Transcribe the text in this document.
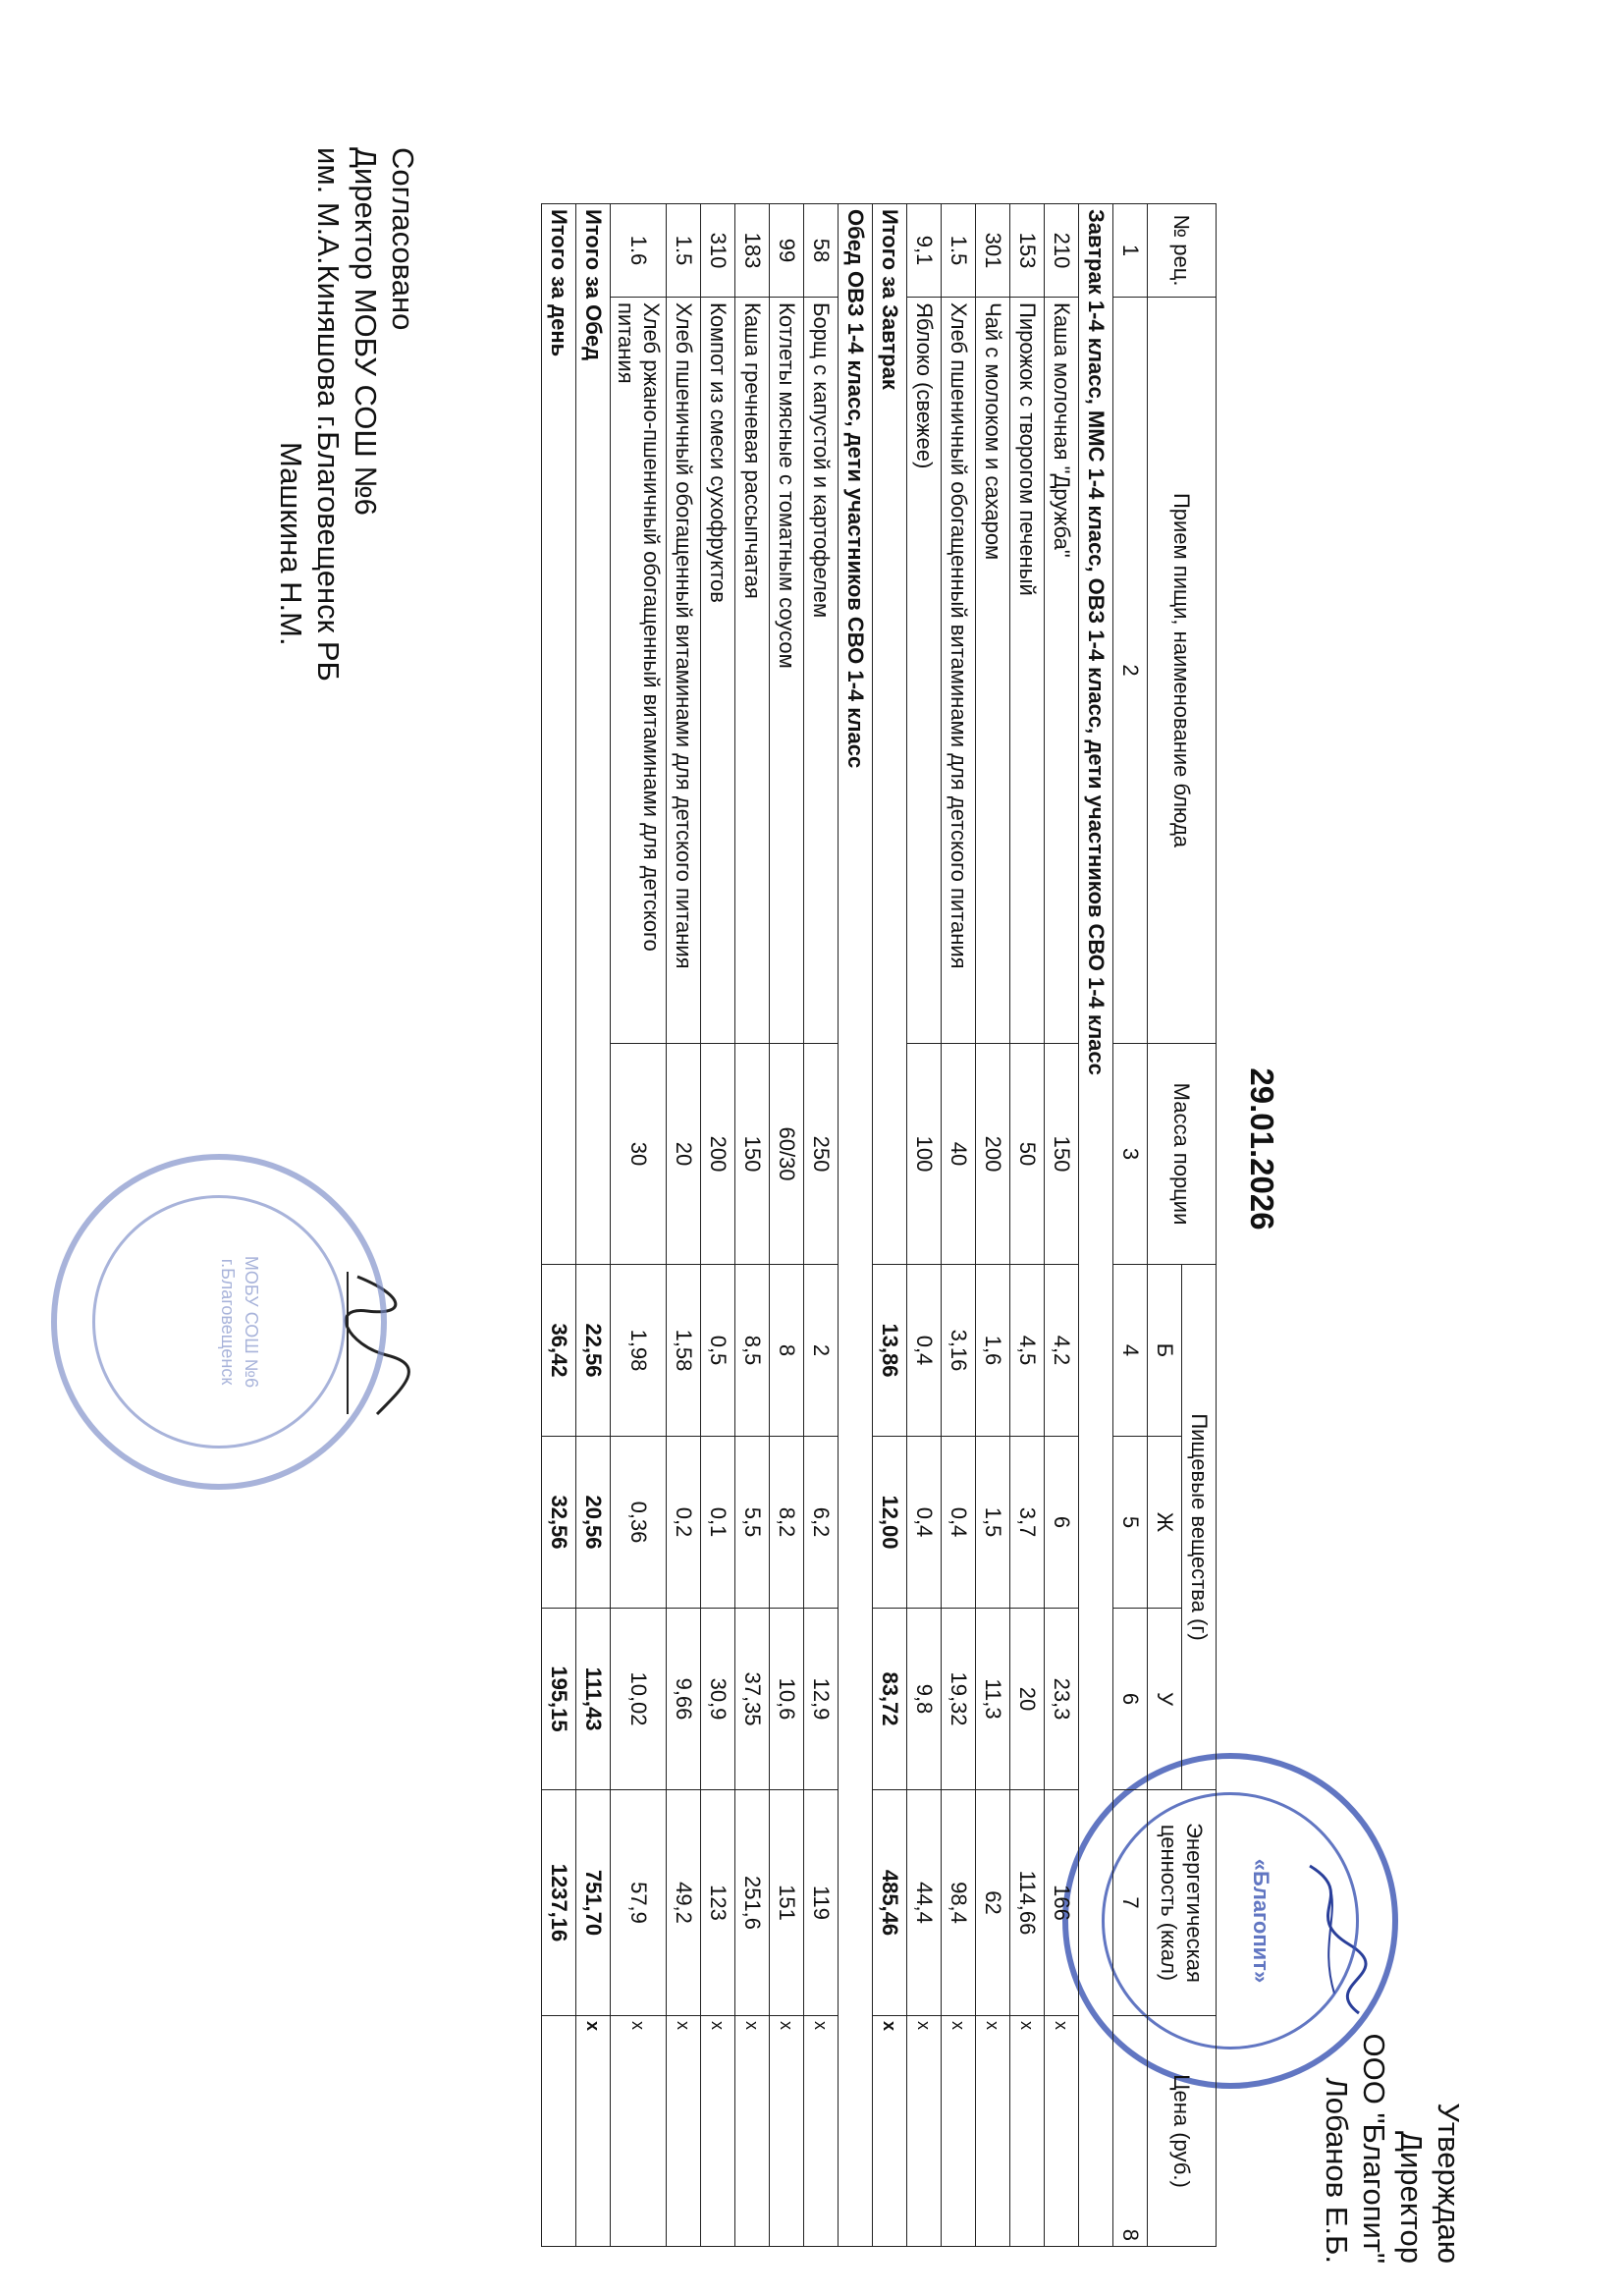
Согласовано
Директор МОБУ СОШ №6
им. М.А.Киняшова г.Благовещенск РБ
Машкина Н.М.
Утверждаю
Директор
ООО "Благопит"
Лобанов Е.Б.
29.01.2026
МОБУ СОШ №6 г.Благовещенск
«Благопит»
№ рец.	Прием пищи, наименование блюда	Масса порции	Пищевые вещества (г)			Энергетическая ценность (ккал)	Цена (руб.)
			Б	Ж	У		
1	2	3	4	5	6	7	8
Завтрак 1-4 класс, ММС 1-4 класс, ОВЗ 1-4 класс, дети участников СВО 1-4 класс							
210	Каша молочная "Дружба"	150	4,2	6	23,3	166	x
153	Пирожок с творогом печеный	50	4,5	3,7	20	114,66	x
301	Чай с молоком и сахаром	200	1,6	1,5	11,3	62	x
1.5	Хлеб пшеничный обогащенный витаминами для детского питания	40	3,16	0,4	19,32	98,4	x
9,1	Яблоко (свежее)	100	0,4	0,4	9,8	44,4	x
Итого за Завтрак			13,86	12,00	83,72	485,46	x
Обед ОВЗ 1-4 класс, дети участников СВО 1-4 класс							
58	Борщ с капустой и картофелем	250	2	6,2	12,9	119	x
99	Котлеты мясные с томатным соусом	60/30	8	8,2	10,6	151	x
183	Каша гречневая рассыпчатая	150	8,5	5,5	37,35	251,6	x
310	Компот из смеси сухофруктов	200	0,5	0,1	30,9	123	x
1.5	Хлеб пшеничный обогащенный витаминами для детского питания	20	1,58	0,2	9,66	49,2	x
1.6	Хлеб ржано-пшеничный обогащенный витаминами для детского питания	30	1,98	0,36	10,02	57,9	x
Итого за Обед			22,56	20,56	111,43	751,70	x
Итого за день			36,42	32,56	195,15	1237,16	
